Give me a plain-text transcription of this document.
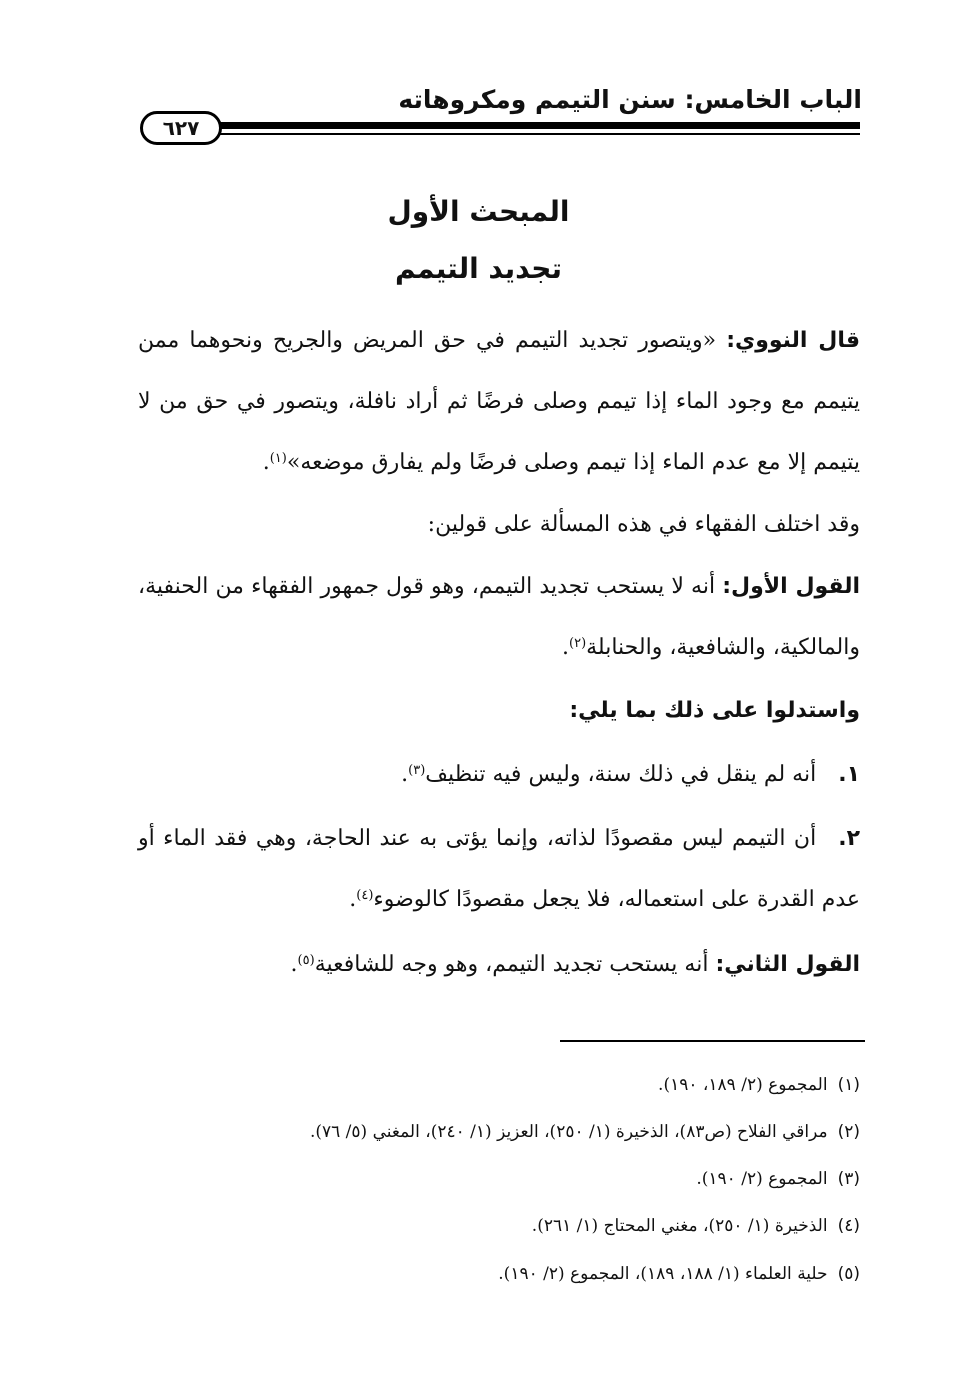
الباب الخامس: سنن التيمم ومكروهاته
٦٢٧
المبحث الأول
تجديد التيمم
قال النووي: «ويتصور تجديد التيمم في حق المريض والجريح ونحوهما ممن يتيمم مع وجود الماء إذا تيمم وصلى فرضًا ثم أراد نافلة، ويتصور في حق من لا يتيمم إلا مع عدم الماء إذا تيمم وصلى فرضًا ولم يفارق موضعه»$^{(١)}$.
وقد اختلف الفقهاء في هذه المسألة على قولين:
القول الأول: أنه لا يستحب تجديد التيمم، وهو قول جمهور الفقهاء من الحنفية، والمالكية، والشافعية، والحنابلة$^{(٢)}$.
واستدلوا على ذلك بما يلي:
١.أنه لم ينقل في ذلك سنة، وليس فيه تنظيف$^{(٣)}$.
٢.أن التيمم ليس مقصودًا لذاته، وإنما يؤتى به عند الحاجة، وهي فقد الماء أو عدم القدرة على استعماله، فلا يجعل مقصودًا كالوضوء$^{(٤)}$.
القول الثاني: أنه يستحب تجديد التيمم، وهو وجه للشافعية$^{(٥)}$.
(١)المجموع (٢/ ١٨٩، ١٩٠).
(٢)مراقي الفلاح (ص٨٣)، الذخيرة (١/ ٢٥٠)، العزيز (١/ ٢٤٠)، المغني (٥/ ٧٦).
(٣)المجموع (٢/ ١٩٠).
(٤)الذخيرة (١/ ٢٥٠)، مغني المحتاج (١/ ٢٦١).
(٥)حلية العلماء (١/ ١٨٨، ١٨٩)، المجموع (٢/ ١٩٠).
